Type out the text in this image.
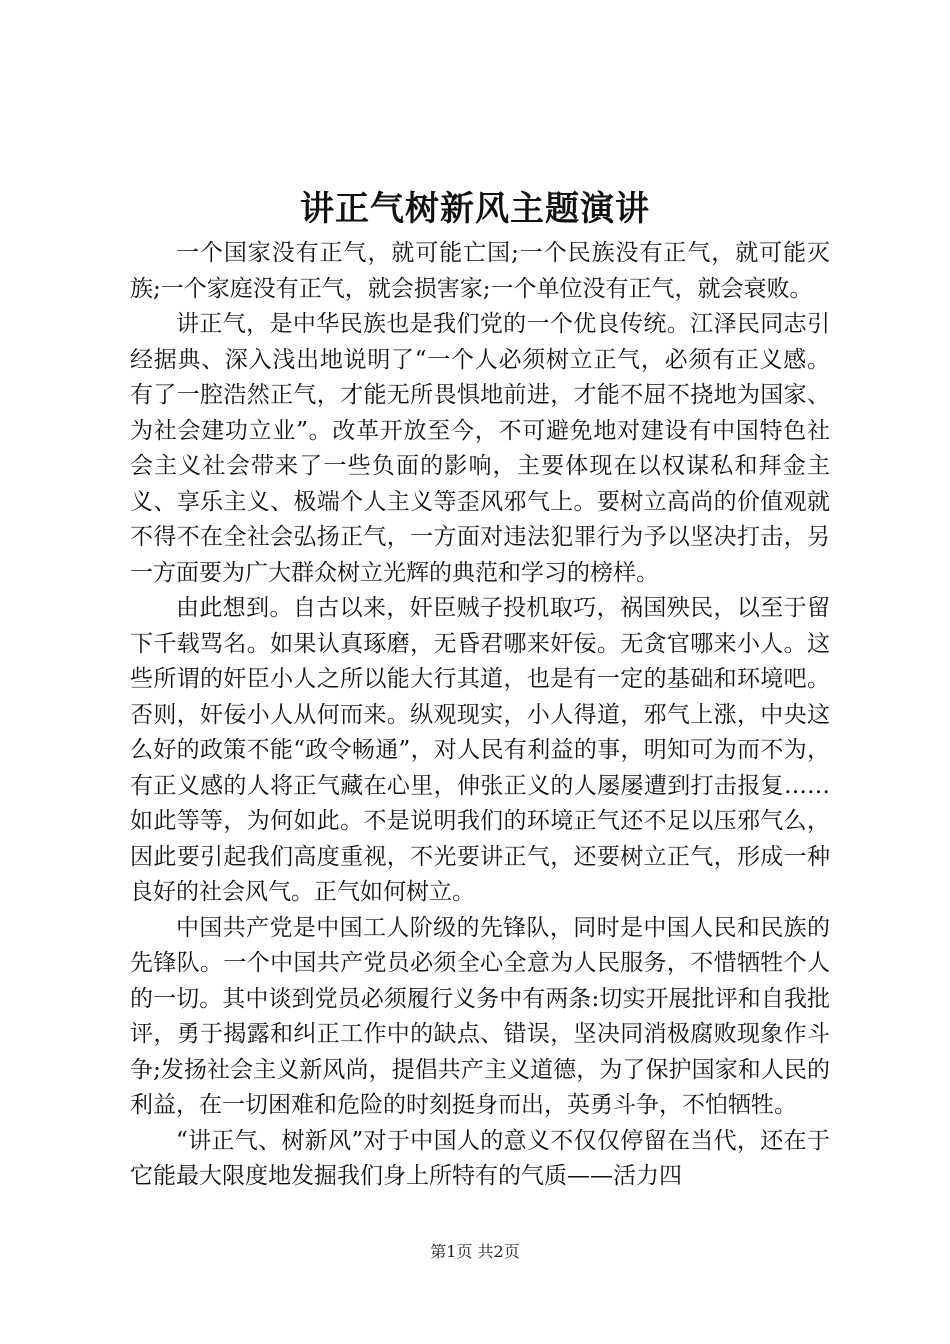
讲正气树新风主题演讲

一个国家没有正气，就可能亡国;一个民族没有正气，就可能灭族;一个家庭没有正气，就会损害家;一个单位没有正气，就会衰败。

讲正气，是中华民族也是我们党的一个优良传统。江泽民同志引经据典、深入浅出地说明了“一个人必须树立正气，必须有正义感。有了一腔浩然正气，才能无所畏惧地前进，才能不屈不挠地为国家、为社会建功立业”。改革开放至今，不可避免地对建设有中国特色社会主义社会带来了一些负面的影响，主要体现在以权谋私和拜金主义、享乐主义、极端个人主义等歪风邪气上。要树立高尚的价值观就不得不在全社会弘扬正气，一方面对违法犯罪行为予以坚决打击，另一方面要为广大群众树立光辉的典范和学习的榜样。

由此想到。自古以来，奸臣贼子投机取巧，祸国殃民，以至于留下千载骂名。如果认真琢磨，无昏君哪来奸佞。无贪官哪来小人。这些所谓的奸臣小人之所以能大行其道，也是有一定的基础和环境吧。否则，奸佞小人从何而来。纵观现实，小人得道，邪气上涨，中央这么好的政策不能“政令畅通”，对人民有利益的事，明知可为而不为，有正义感的人将正气藏在心里，伸张正义的人屡屡遭到打击报复……如此等等，为何如此。不是说明我们的环境正气还不足以压邪气么，因此要引起我们高度重视，不光要讲正气，还要树立正气，形成一种良好的社会风气。正气如何树立。

中国共产党是中国工人阶级的先锋队，同时是中国人民和民族的先锋队。一个中国共产党员必须全心全意为人民服务，不惜牺牲个人的一切。其中谈到党员必须履行义务中有两条:切实开展批评和自我批评，勇于揭露和纠正工作中的缺点、错误，坚决同消极腐败现象作斗争;发扬社会主义新风尚，提倡共产主义道德，为了保护国家和人民的利益，在一切困难和危险的时刻挺身而出，英勇斗争，不怕牺牲。

“讲正气、树新风”对于中国人的意义不仅仅停留在当代，还在于它能最大限度地发掘我们身上所特有的气质——活力四

第1页 共2页
